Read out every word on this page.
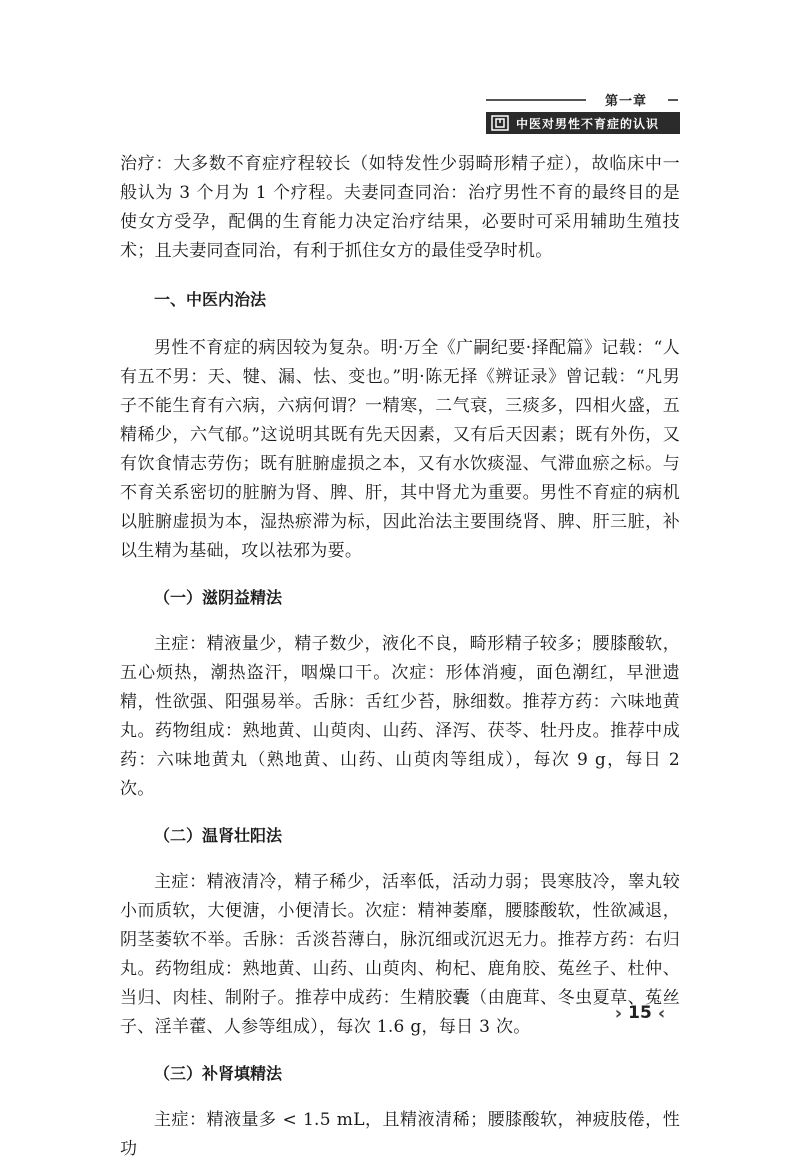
第一章
中医对男性不育症的认识

治疗：大多数不育症疗程较长（如特发性少弱畸形精子症），故临床中一般认为 3 个月为 1 个疗程。夫妻同查同治：治疗男性不育的最终目的是使女方受孕，配偶的生育能力决定治疗结果，必要时可采用辅助生殖技术；且夫妻同查同治，有利于抓住女方的最佳受孕时机。

一、中医内治法

男性不育症的病因较为复杂。明·万全《广嗣纪要·择配篇》记载：“人有五不男：天、犍、漏、怯、变也。”明·陈无择《辨证录》曾记载：“凡男子不能生育有六病，六病何谓？一精寒，二气衰，三痰多，四相火盛，五精稀少，六气郁。”这说明其既有先天因素，又有后天因素；既有外伤，又有饮食情志劳伤；既有脏腑虚损之本，又有水饮痰湿、气滞血瘀之标。与不育关系密切的脏腑为肾、脾、肝，其中肾尤为重要。男性不育症的病机以脏腑虚损为本，湿热瘀滞为标，因此治法主要围绕肾、脾、肝三脏，补以生精为基础，攻以祛邪为要。

（一）滋阴益精法

主症：精液量少，精子数少，液化不良，畸形精子较多；腰膝酸软，五心烦热，潮热盗汗，咽燥口干。次症：形体消瘦，面色潮红，早泄遗精，性欲强、阳强易举。舌脉：舌红少苔，脉细数。推荐方药：六味地黄丸。药物组成：熟地黄、山萸肉、山药、泽泻、茯苓、牡丹皮。推荐中成药：六味地黄丸（熟地黄、山药、山萸肉等组成），每次 9 g，每日 2 次。

（二）温肾壮阳法

主症：精液清冷，精子稀少，活率低，活动力弱；畏寒肢冷，睾丸较小而质软，大便溏，小便清长。次症：精神萎靡，腰膝酸软，性欲减退，阴茎萎软不举。舌脉：舌淡苔薄白，脉沉细或沉迟无力。推荐方药：右归丸。药物组成：熟地黄、山药、山萸肉、枸杞、鹿角胶、菟丝子、杜仲、当归、肉桂、制附子。推荐中成药：生精胶囊（由鹿茸、冬虫夏草、菟丝子、淫羊藿、人参等组成），每次 1.6 g，每日 3 次。

（三）补肾填精法

主症：精液量多 < 1.5 mL，且精液清稀；腰膝酸软，神疲肢倦，性功

› 15 ‹
